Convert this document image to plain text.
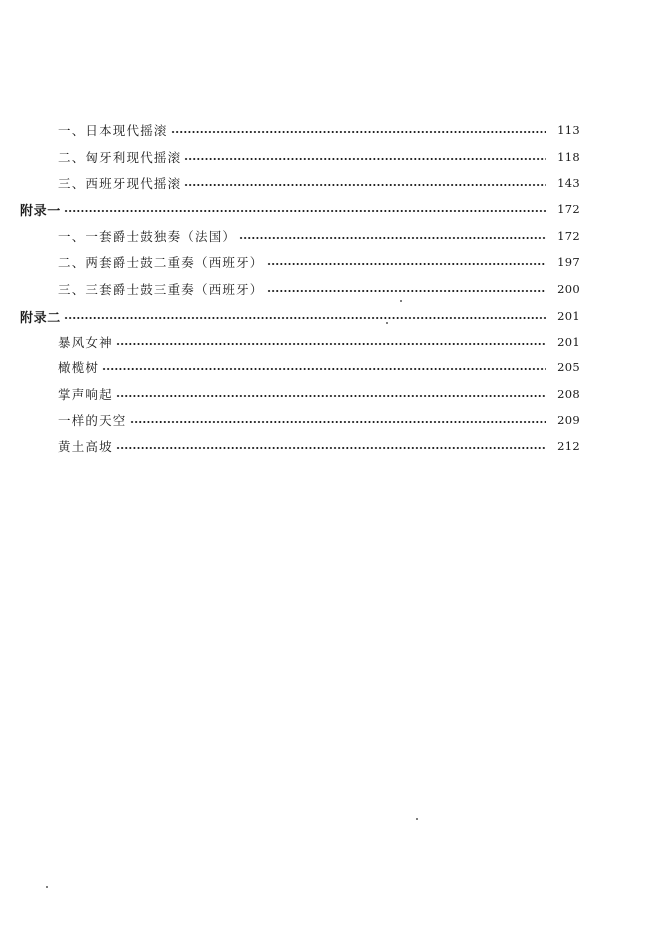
一、日本现代摇滚	113
二、匈牙利现代摇滚	118
三、西班牙现代摇滚	143
附录一	172
一、一套爵士鼓独奏（法国）	172
二、两套爵士鼓二重奏（西班牙）	197
三、三套爵士鼓三重奏（西班牙）	200
附录二	201
暴风女神	201
橄榄树	205
掌声响起	208
一样的天空	209
黄土高坡	212
